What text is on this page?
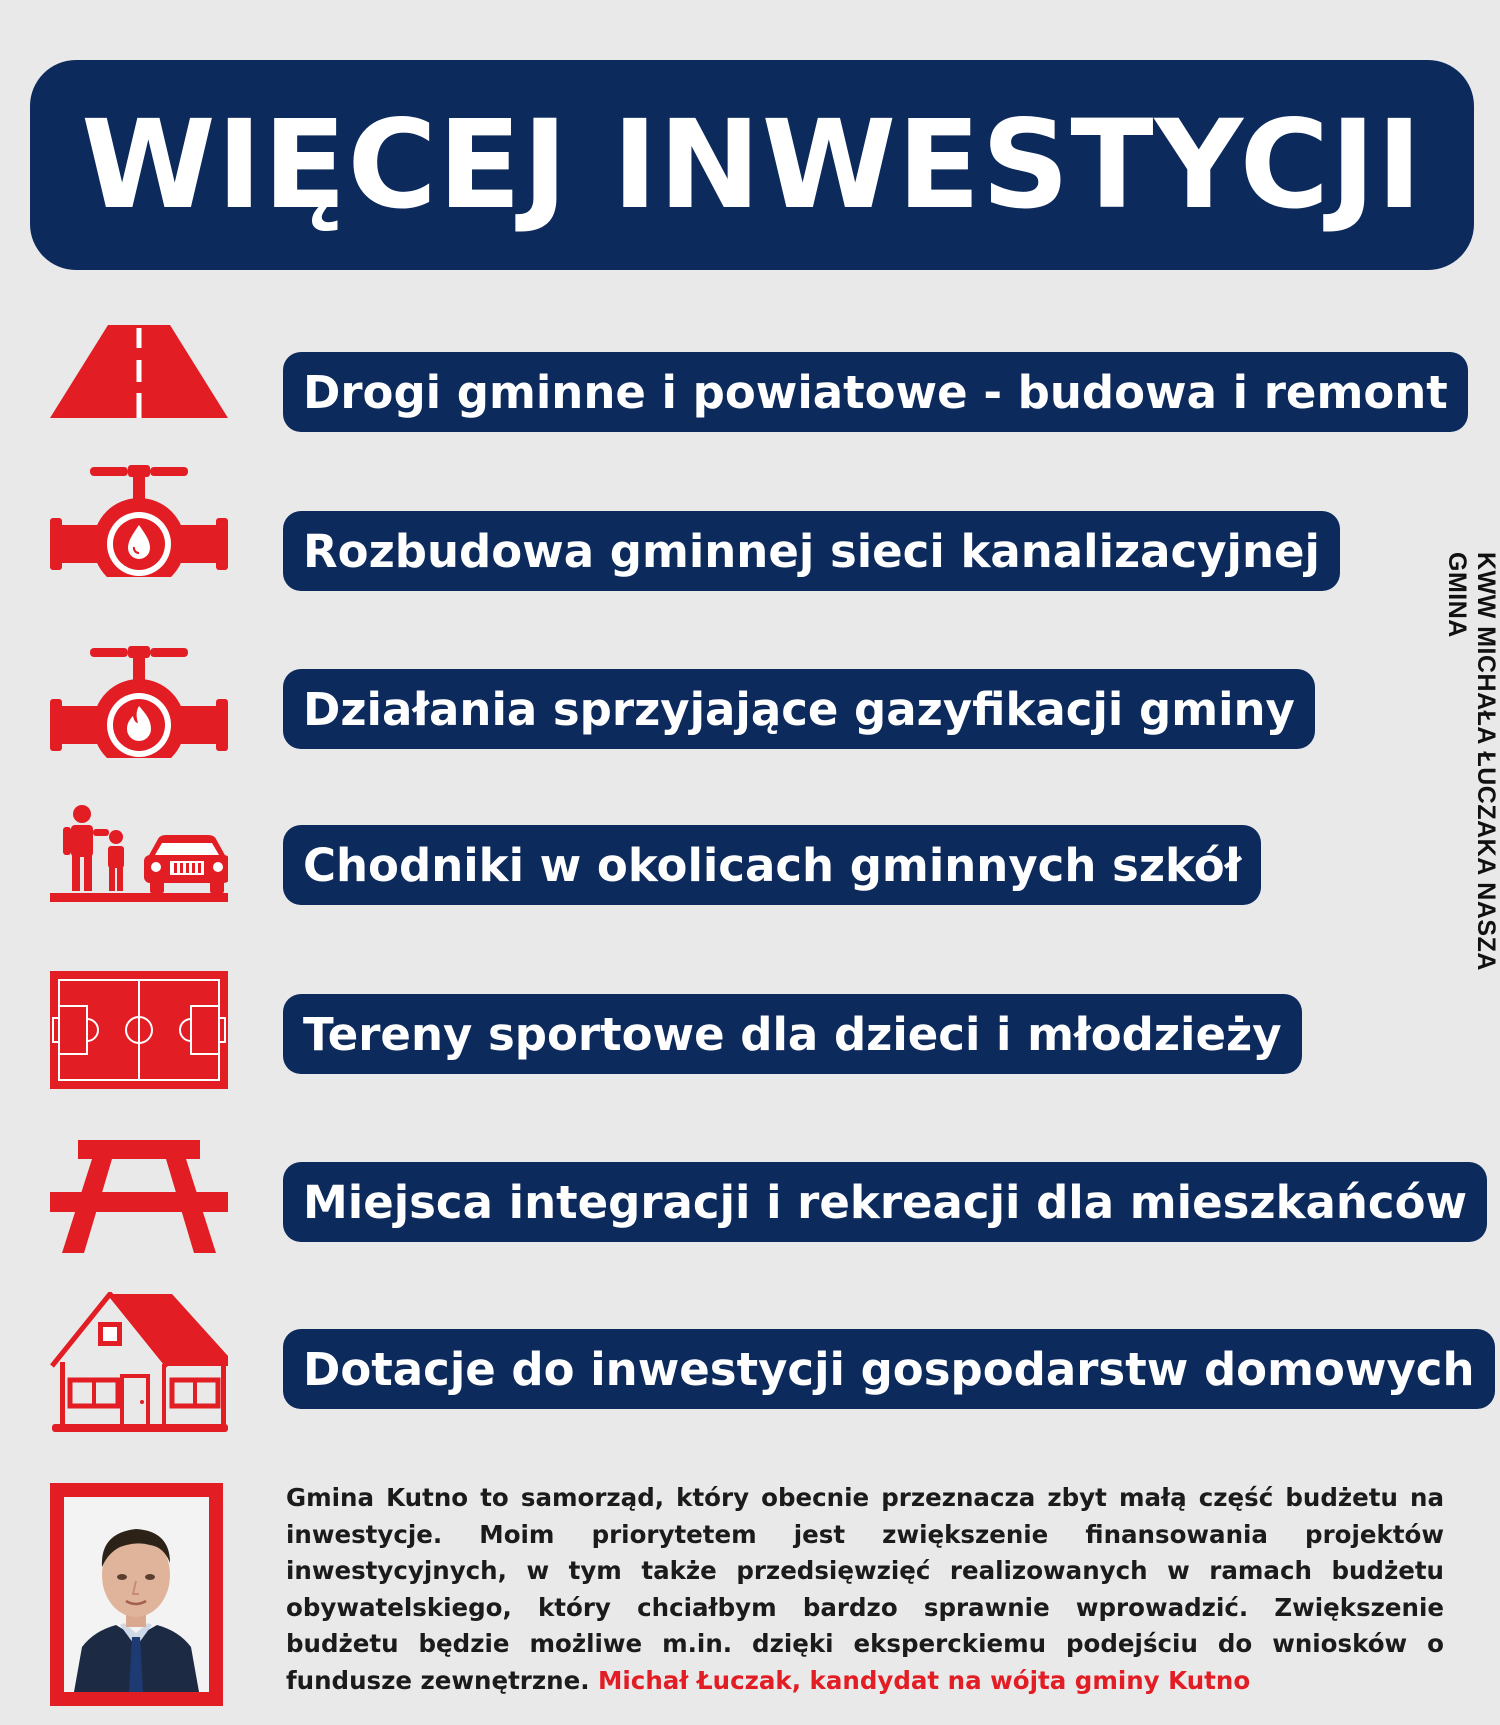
WIĘCEJ INWESTYCJI
Drogi gminne i powiatowe - budowa i remont
Rozbudowa gminnej sieci kanalizacyjnej
Działania sprzyjające gazyfikacji gminy
Chodniki w okolicach gminnych szkół
Tereny sportowe dla dzieci i młodzieży
Miejsca integracji i rekreacji dla mieszkańców
Dotacje do inwestycji gospodarstw domowych
KWW MICHAŁA ŁUCZAKA NASZA GMINA

Gmina Kutno to samorząd, który obecnie przeznacza zbyt małą część budżetu na inwestycje. Moim priorytetem jest zwiększenie finansowania projektów inwestycyjnych, w tym także przedsięwzięć realizowanych w ramach budżetu obywatelskiego, który chciałbym bardzo sprawnie wprowadzić. Zwiększenie budżetu będzie możliwe m.in. dzięki eksperckiemu podejściu do wniosków o fundusze zewnętrzne. Michał Łuczak, kandydat na wójta gminy Kutno
